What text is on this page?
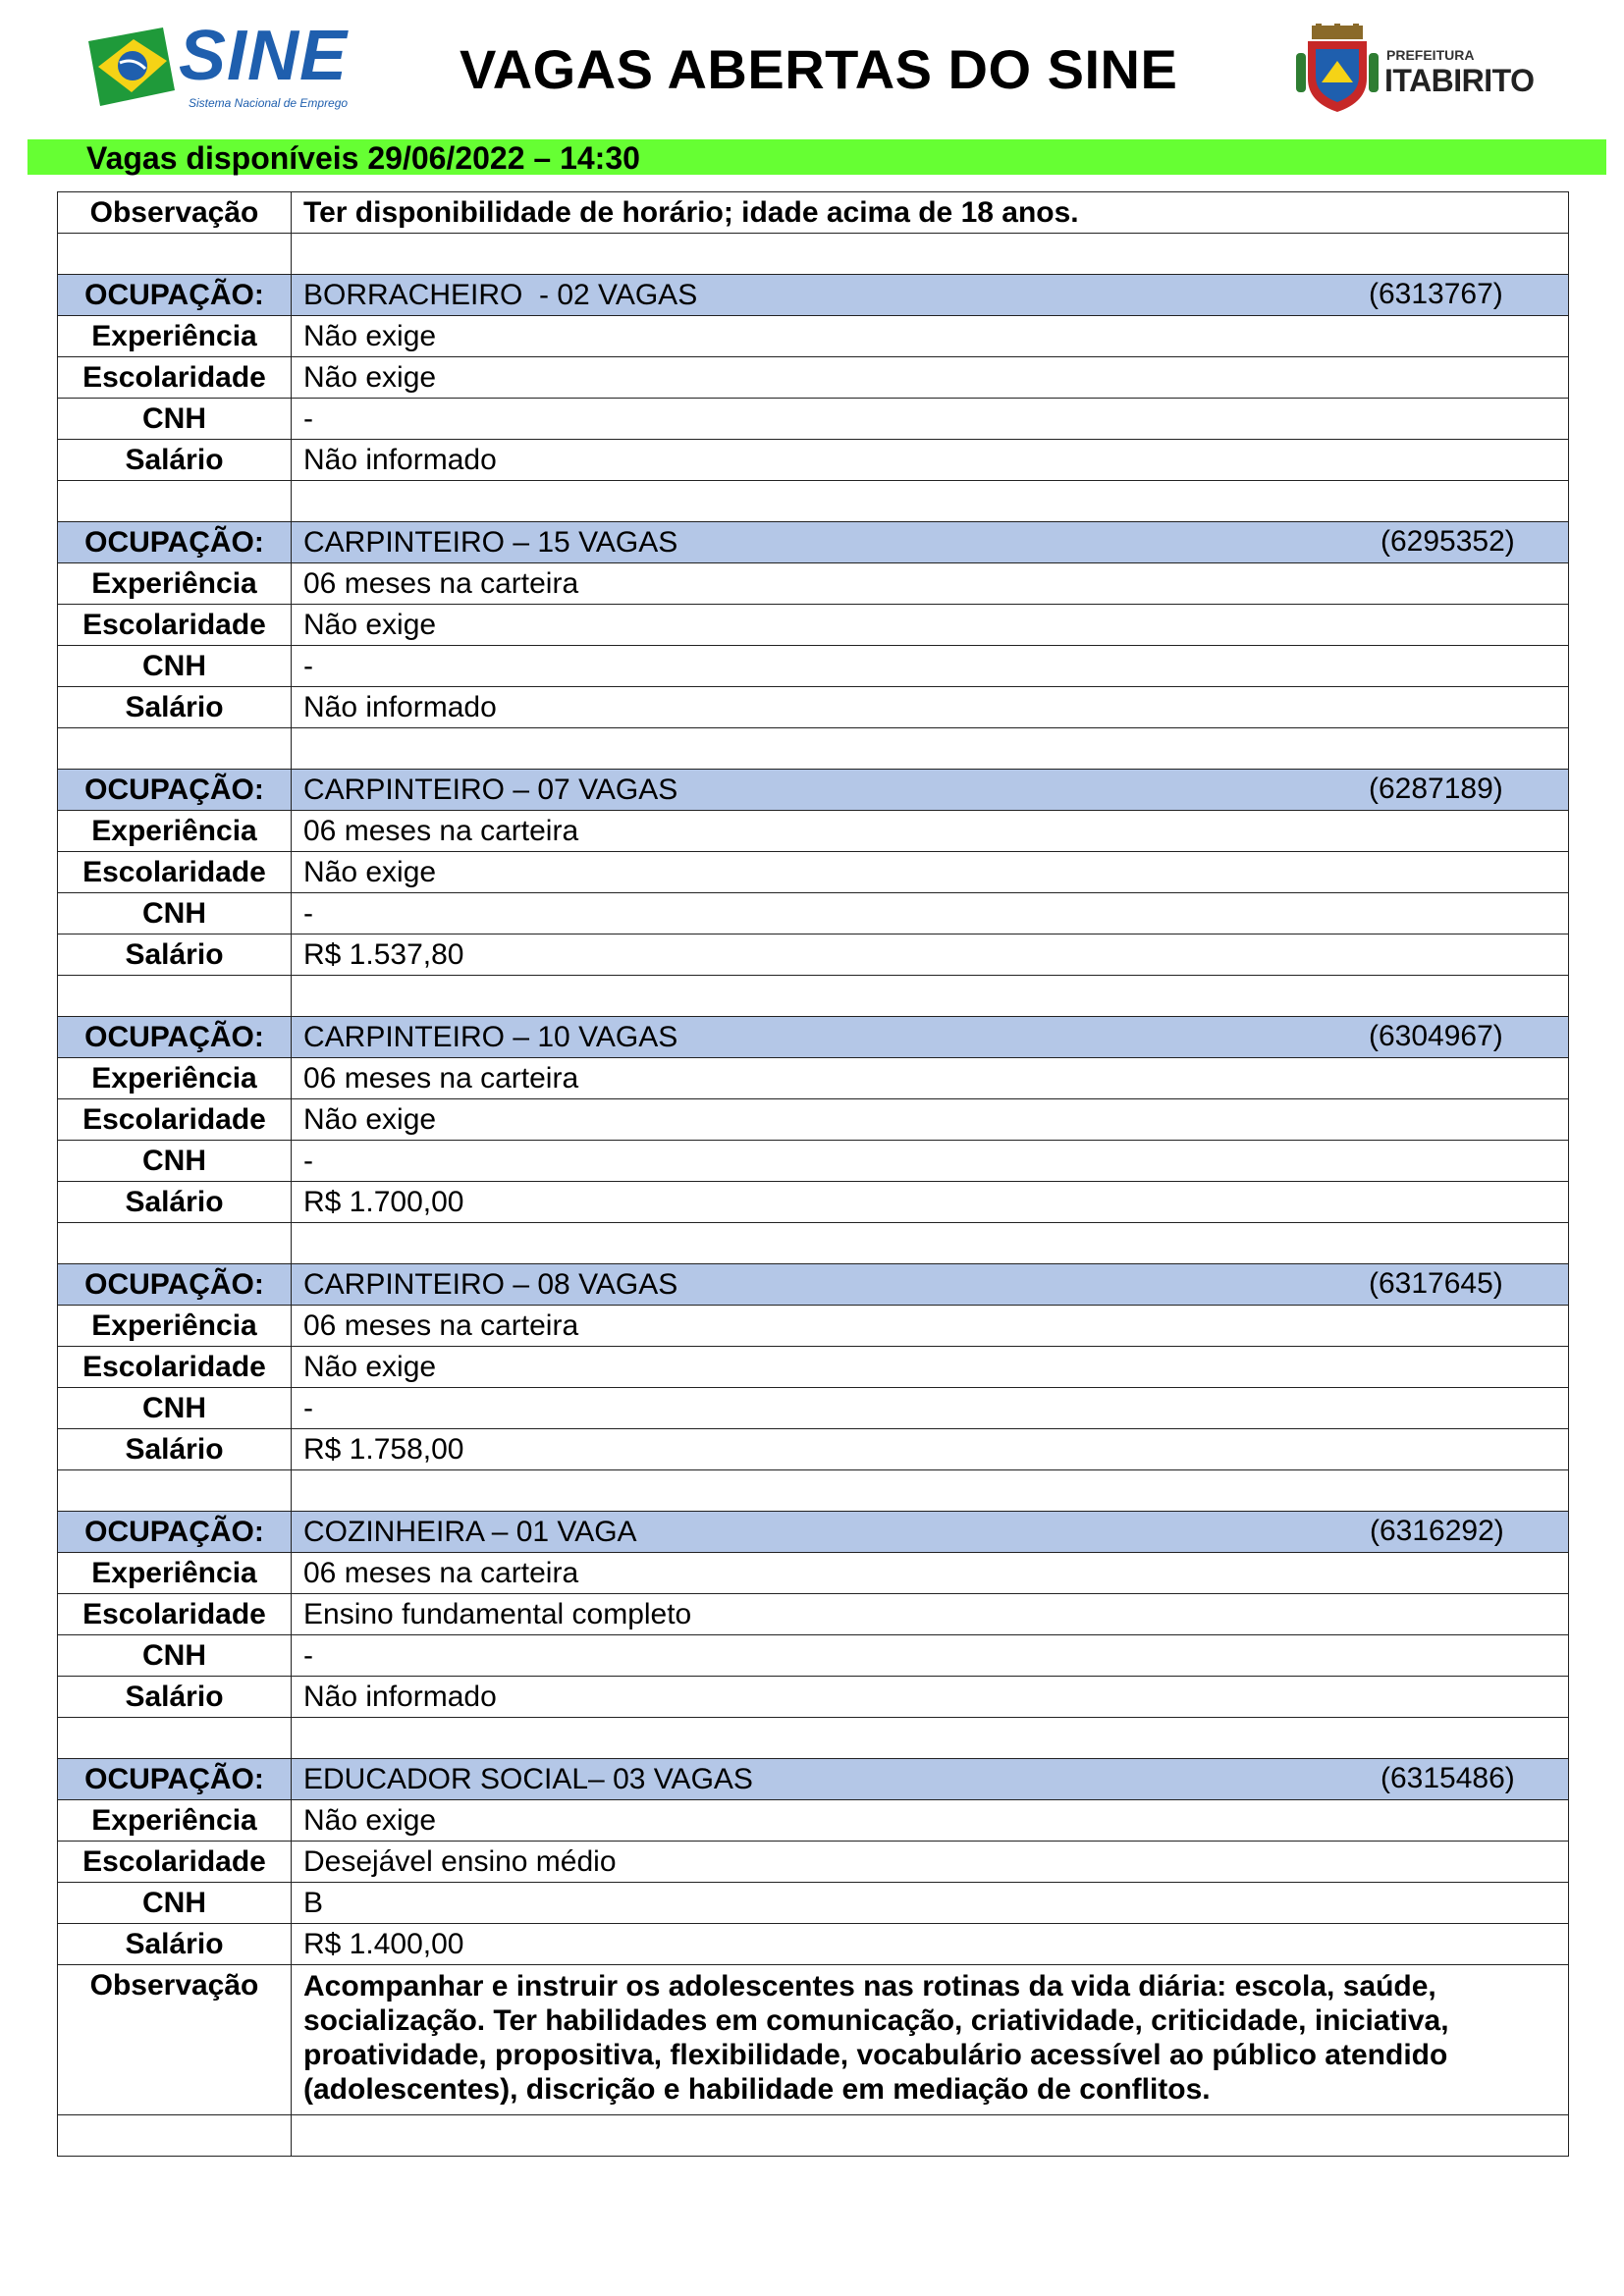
SINE
Sistema Nacional de Emprego
VAGAS ABERTAS DO SINE	PREFEITURA
ITABIRITO
Vagas disponíveis 29/06/2022 – 14:30
Observação	Ter disponibilidade de horário; idade acima de 18 anos.

OCUPAÇÃO:	BORRACHEIRO  - 02 VAGAS (6313767)

Experiência	Não exige
Escolaridade	Não exige
CNH	-
Salário	Não informado

OCUPAÇÃO:	CARPINTEIRO – 15 VAGAS (6295352)

Experiência	06 meses na carteira
Escolaridade	Não exige
CNH	-
Salário	Não informado

OCUPAÇÃO:	CARPINTEIRO – 07 VAGAS (6287189)

Experiência	06 meses na carteira
Escolaridade	Não exige
CNH	-
Salário	R$ 1.537,80

OCUPAÇÃO:	CARPINTEIRO – 10 VAGAS (6304967)

Experiência	06 meses na carteira
Escolaridade	Não exige
CNH	-
Salário	R$ 1.700,00

OCUPAÇÃO:	CARPINTEIRO – 08 VAGAS (6317645)

Experiência	06 meses na carteira
Escolaridade	Não exige
CNH	-
Salário	R$ 1.758,00

OCUPAÇÃO:	COZINHEIRA – 01 VAGA (6316292)

Experiência	06 meses na carteira
Escolaridade	Ensino fundamental completo
CNH	-
Salário	Não informado

OCUPAÇÃO:	EDUCADOR SOCIAL– 03 VAGAS (6315486)

Experiência	Não exige
Escolaridade	Desejável ensino médio
CNH	B
Salário	R$ 1.400,00
Observação	Acompanhar e instruir os adolescentes nas rotinas da vida diária: escola, saúde, socialização. Ter habilidades em comunicação, criatividade, criticidade, iniciativa, proatividade, propositiva, flexibilidade, vocabulário acessível ao público atendido (adolescentes), discrição e habilidade em mediação de conflitos.
